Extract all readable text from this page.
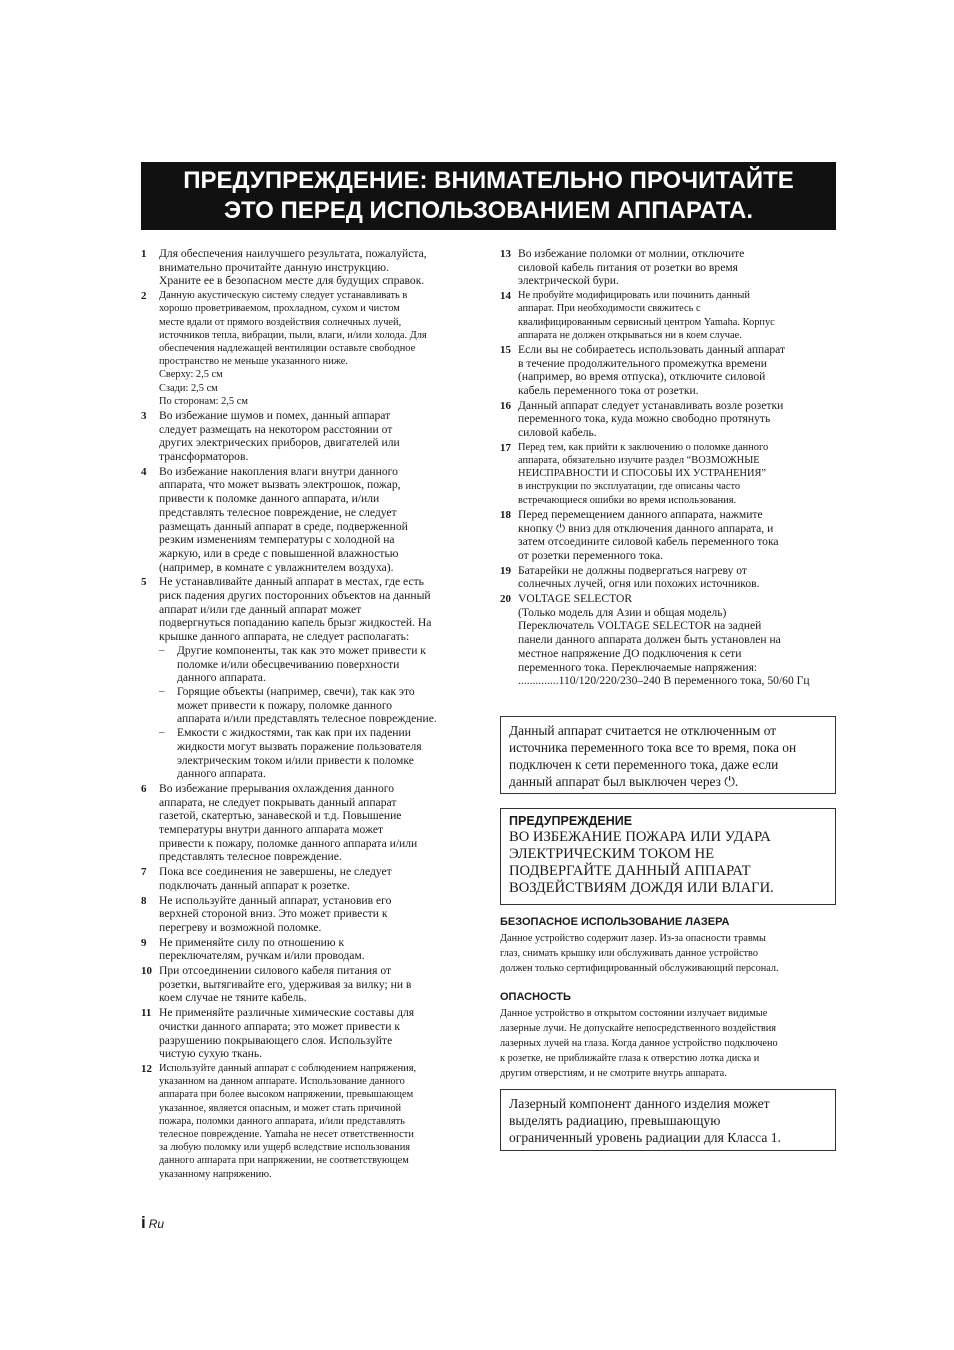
ПРЕДУПРЕЖДЕНИЕ: ВНИМАТЕЛЬНО ПРОЧИТАЙТЕ
ЭТО ПЕРЕД ИСПОЛЬЗОВАНИЕМ АППАРАТА.
1	Для обеспечения наилучшего результата, пожалуйста,
внимательно прочитайте данную инструкцию.
Храните ее в безопасном месте для будущих справок.
2	Данную акустическую систему следует устанавливать в
хорошо проветриваемом, прохладном, сухом и чистом
месте вдали от прямого воздействия солнечных лучей,
источников тепла, вибрации, пыли, влаги, и/или холода. Для
обеспечения надлежащей вентиляции оставьте свободное
пространство не меньше указанного ниже.
Сверху: 2,5 см
Сзади: 2,5 см
По сторонам: 2,5 см
3	Во избежание шумов и помех, данный аппарат
следует размещать на некотором расстоянии от
других электрических приборов, двигателей или
трансформаторов.
4	Во избежание накопления влаги внутри данного
аппарата, что может вызвать электрошок, пожар,
привести к поломке данного аппарата, и/или
представлять телесное повреждение, не следует
размещать данный аппарат в среде, подверженной
резким изменениям температуры с холодной на
жаркую, или в среде с повышенной влажностью
(например, в комнате с увлажнителем воздуха).
5	Не устанавливайте данный аппарат в местах, где есть
риск падения других посторонних объектов на данный
аппарат и/или где данный аппарат может
подвергнуться попаданию капель брызг жидкостей. На
крышке данного аппарата, не следует располагать:
–	Другие компоненты, так как это может привести к
поломке и/или обесцвечиванию поверхности
данного аппарата.
–	Горящие объекты (например, свечи), так как это
может привести к пожару, поломке данного
аппарата и/или представлять телесное повреждение.
–	Емкости с жидкостями, так как при их падении
жидкости могут вызвать поражение пользователя
электрическим током и/или привести к поломке
данного аппарата.
6	Во избежание прерывания охлаждения данного
аппарата, не следует покрывать данный аппарат
газетой, скатертью, занавеской и т.д. Повышение
температуры внутри данного аппарата может
привести к пожару, поломке данного аппарата и/или
представлять телесное повреждение.
7	Пока все соединения не завершены, не следует
подключать данный аппарат к розетке.
8	Не используйте данный аппарат, установив его
верхней стороной вниз. Это может привести к
перегреву и возможной поломке.
9	Не применяйте силу по отношению к
переключателям, ручкам и/или проводам.
10 При отсоединении силового кабеля питания от
розетки, вытягивайте его, удерживая за вилку; ни в
коем случае не тяните кабель.
11 Не применяйте различные химические составы для
очистки данного аппарата; это может привести к
разрушению покрывающего слоя. Используйте
чистую сухую ткань.
12 Используйте данный аппарат с соблюдением напряжения,
указанном на данном аппарате. Использование данного
аппарата при более высоком напряжении, превышающем
указанное, является опасным, и может стать причиной
пожара, поломки данного аппарата, и/или представлять
телесное повреждение. Yamaha не несет ответственности
за любую поломку или ущерб вследствие использования
данного аппарата при напряжении, не соответствующем
указанному напряжению.
13 Во избежание поломки от молнии, отключите
силовой кабель питания от розетки во время
электрической бури.
14 Не пробуйте модифицировать или починить данный
аппарат. При необходимости свяжитесь с
квалифицированным сервисный центром Yamaha. Корпус
аппарата не должен открываться ни в коем случае.
15 Если вы не собираетесь использовать данный аппарат
в течение продолжительного промежутка времени
(например, во время отпуска), отключите силовой
кабель переменного тока от розетки.
16 Данный аппарат следует устанавливать возле розетки
переменного тока, куда можно свободно протянуть
силовой кабель.
17 Перед тем, как прийти к заключению о поломке данного
аппарата, обязательно изучите раздел “ВОЗМОЖНЫЕ
НЕИСПРАВНОСТИ И СПОСОБЫ ИХ УСТРАНЕНИЯ”
в инструкции по эксплуатации, где описаны часто
встречающиеся ошибки во время использования.
18 Перед перемещением данного аппарата, нажмите
кнопку ⏻ вниз для отключения данного аппарата, и
затем отсоедините силовой кабель переменного тока
от розетки переменного тока.
19 Батарейки не должны подвергаться нагреву от
солнечных лучей, огня или похожих источников.
20 VOLTAGE SELECTOR
(Только модель для Азии и общая модель)
Переключатель VOLTAGE SELECTOR на задней
панели данного аппарата должен быть установлен на
местное напряжение ДО подключения к сети
переменного тока. Переключаемые напряжения:
..............110/120/220/230–240 В переменного тока, 50/60 Гц
Данный аппарат считается не отключенным от
источника переменного тока все то время, пока он
подключен к сети переменного тока, даже если
данный аппарат был выключен через ⏻.
ПРЕДУПРЕЖДЕНИЕ
ВО ИЗБЕЖАНИЕ ПОЖАРА ИЛИ УДАРА
ЭЛЕКТРИЧЕСКИМ ТОКОМ НЕ
ПОДВЕРГАЙТЕ ДАННЫЙ АППАРАТ
ВОЗДЕЙСТВИЯМ ДОЖДЯ ИЛИ ВЛАГИ.
БЕЗОПАСНОЕ ИСПОЛЬЗОВАНИЕ ЛАЗЕРА
Данное устройство содержит лазер. Из-за опасности травмы
глаз, снимать крышку или обслуживать данное устройство
должен только сертифицированный обслуживающий персонал.
ОПАСНОСТЬ
Данное устройство в открытом состоянии излучает видимые
лазерные лучи. Не допускайте непосредственного воздействия
лазерных лучей на глаза. Когда данное устройство подключено
к розетке, не приближайте глаза к отверстию лотка диска и
другим отверстиям, и не смотрите внутрь аппарата.
Лазерный компонент данного изделия может
выделять радиацию, превышающую
ограниченный уровень радиации для Класса 1.
i Ru
